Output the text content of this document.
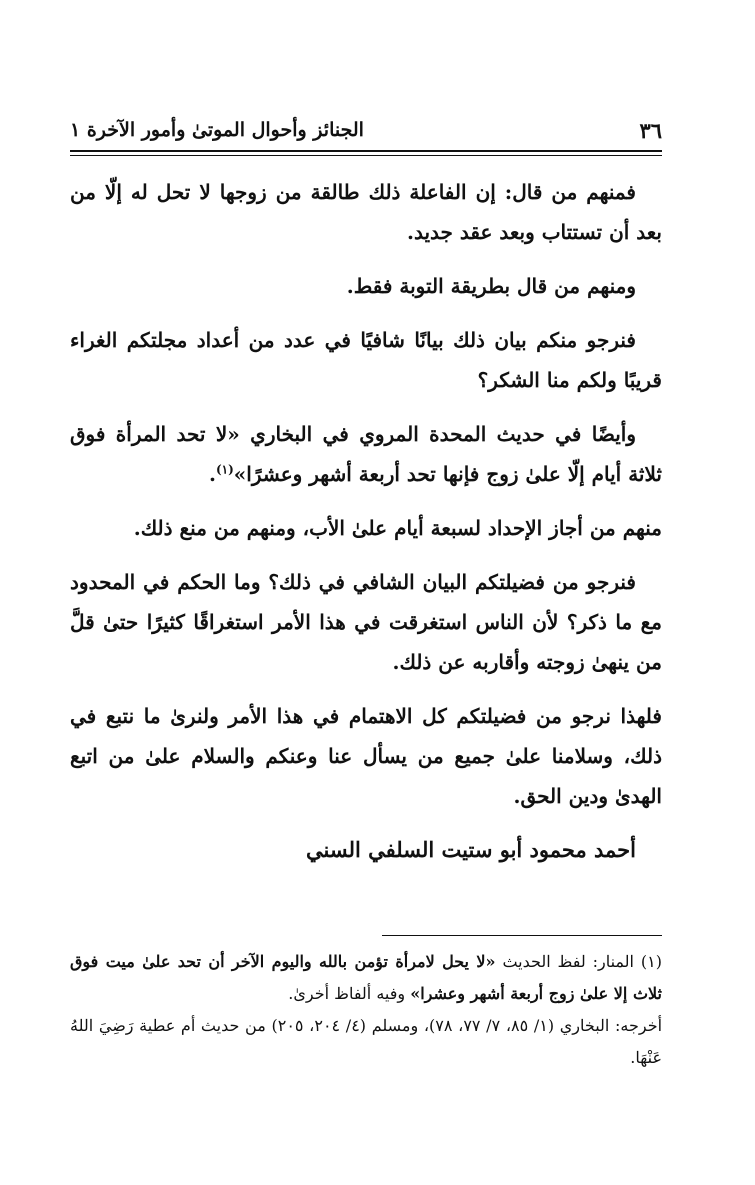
٣٦
الجنائز وأحوال الموتىٰ وأمور الآخرة ١

فمنهم من قال: إن الفاعلة ذلك طالقة من زوجها لا تحل له إلّا من بعد أن تستتاب وبعد عقد جديد.

ومنهم من قال بطريقة التوبة فقط.

فنرجو منكم بيان ذلك بيانًا شافيًا في عدد من أعداد مجلتكم الغراء قريبًا ولكم منا الشكر؟

وأيضًا في حديث المحدة المروي في البخاري «لا تحد المرأة فوق ثلاثة أيام إلّا علىٰ زوج فإنها تحد أربعة أشهر وعشرًا»$^{(١)}$.

منهم من أجاز الإحداد لسبعة أيام علىٰ الأب، ومنهم من منع ذلك.

فنرجو من فضيلتكم البيان الشافي في ذلك؟ وما الحكم في المحدود مع ما ذكر؟ لأن الناس استغرقت في هذا الأمر استغراقًا كثيرًا حتىٰ قلَّ من ينهىٰ زوجته وأقاربه عن ذلك.

فلهذا نرجو من فضيلتكم كل الاهتمام في هذا الأمر ولنرىٰ ما نتبع في ذلك، وسلامنا علىٰ جميع من يسأل عنا وعنكم والسلام علىٰ من اتبع الهدىٰ ودين الحق.

أحمد محمود أبو ستيت السلفي السني

(١) المنار: لفظ الحديث «لا يحل لامرأة تؤمن بالله واليوم الآخر أن تحد علىٰ ميت فوق ثلاث إلا علىٰ زوج أربعة أشهر وعشرا» وفيه ألفاظ أخرىٰ.

أخرجه: البخاري (١/ ٨٥، ٧/ ٧٧، ٧٨)، ومسلم (٤/ ٢٠٤، ٢٠٥) من حديث أم عطية رَضِيَ اللهُ عَنْهَا.
